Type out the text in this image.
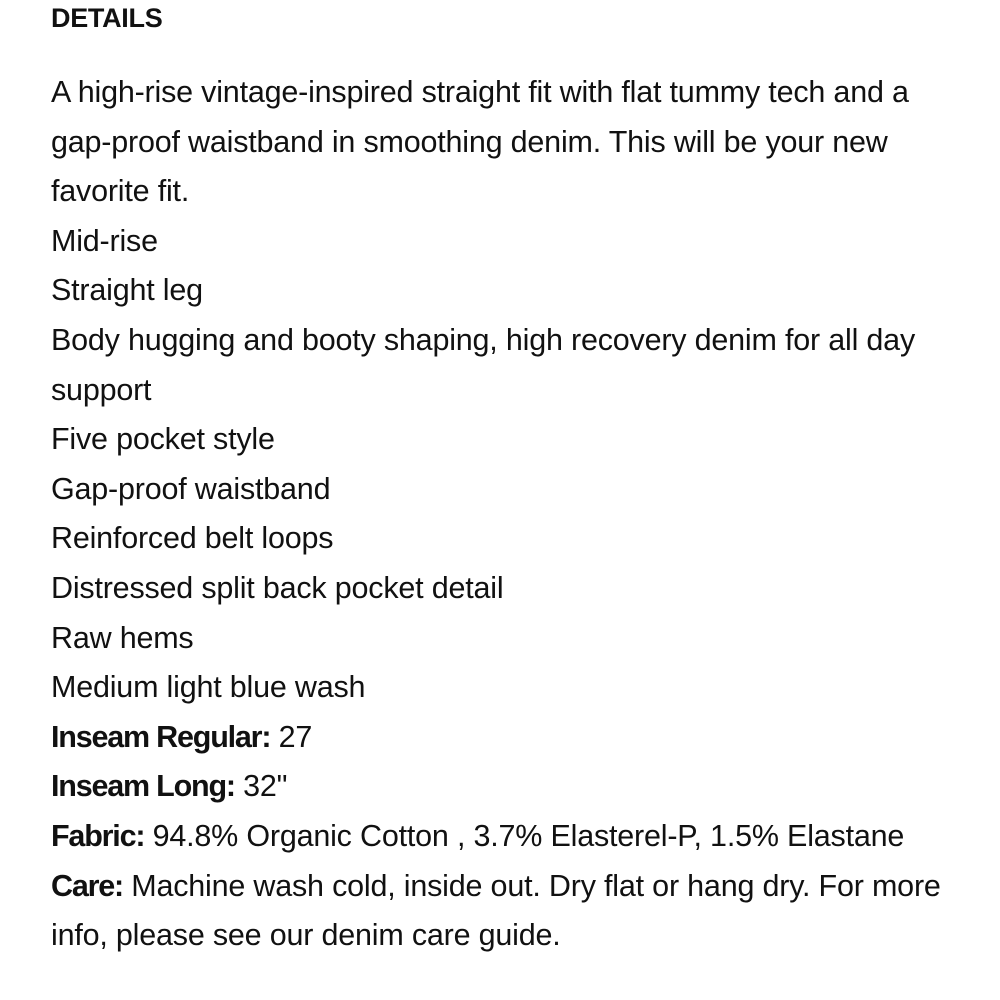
DETAILS

A high-rise vintage-inspired straight fit with flat tummy tech and a gap-proof waistband in smoothing denim. This will be your new favorite fit.

Mid-rise
Straight leg
Body hugging and booty shaping, high recovery denim for all day support
Five pocket style
Gap-proof waistband
Reinforced belt loops
Distressed split back pocket detail
Raw hems
Medium light blue wash

Inseam Regular: 27

Inseam Long: 32"

Fabric: 94.8% Organic Cotton , 3.7% Elasterel-P, 1.5% Elastane

Care: Machine wash cold, inside out. Dry flat or hang dry. For more info, please see our denim care guide.
